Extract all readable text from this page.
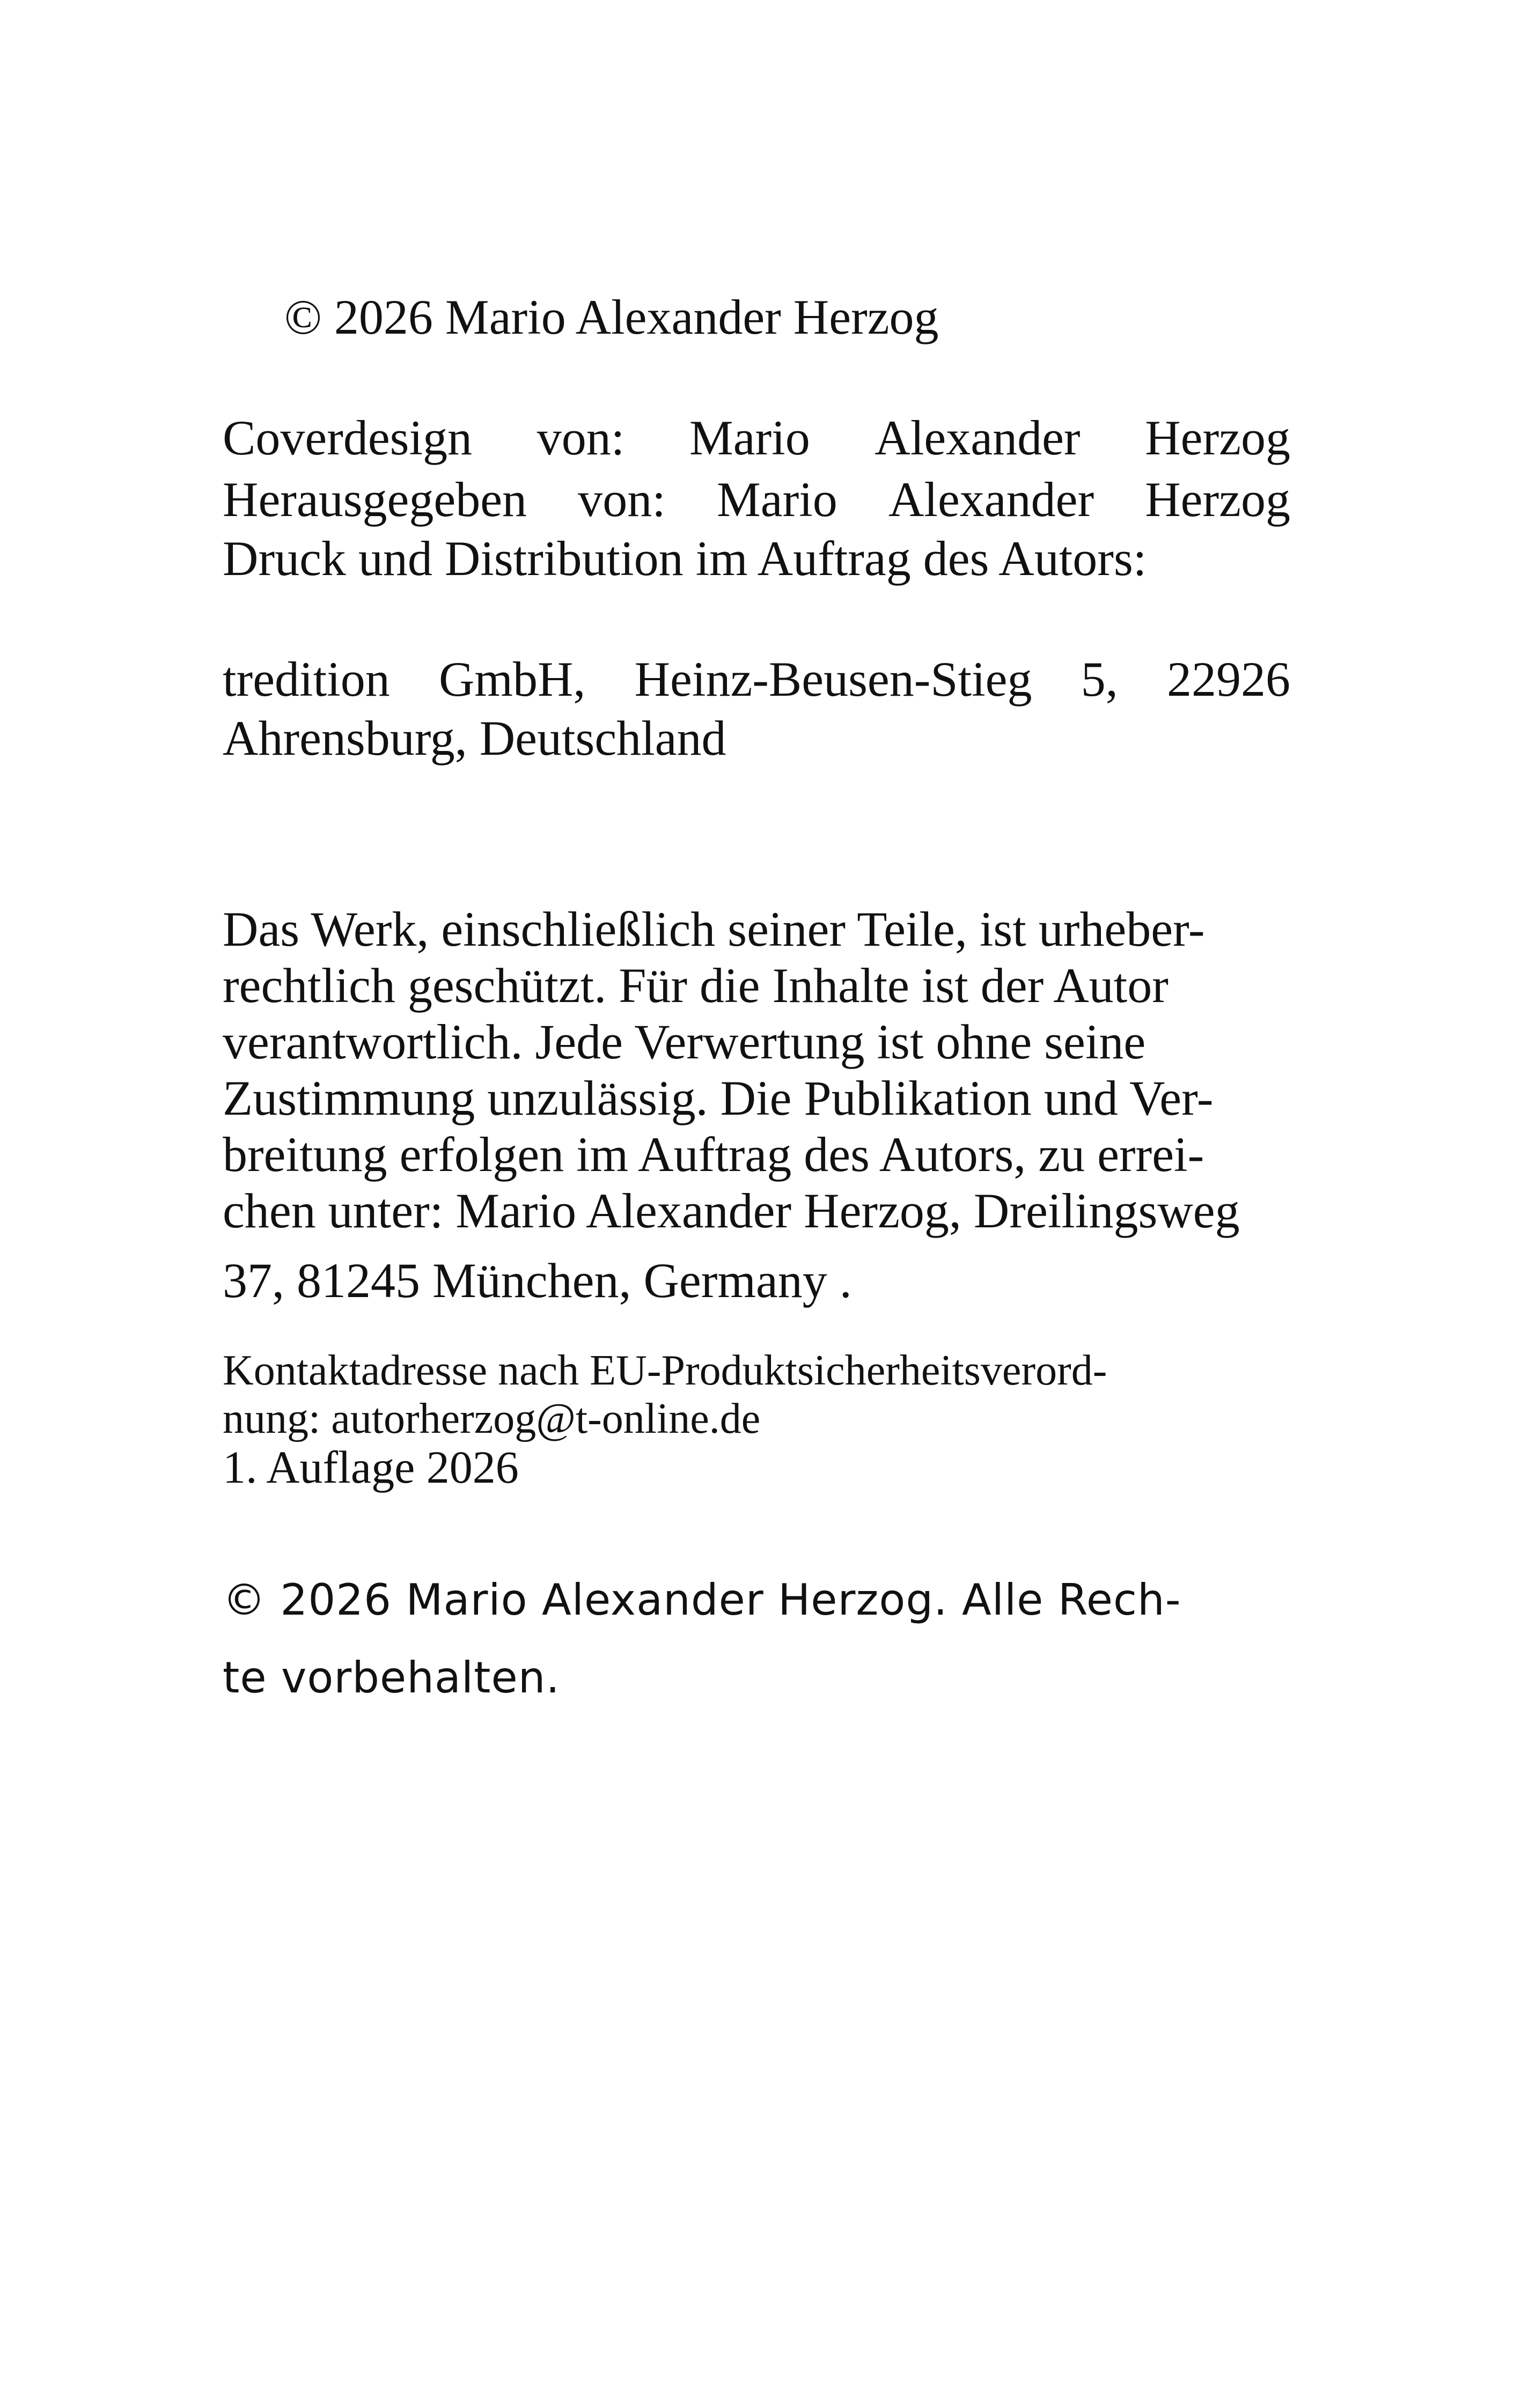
© 2026 Mario Alexander Herzog
Coverdesign von: Mario Alexander Herzog
Herausgegeben von: Mario Alexander Herzog
Druck und Distribution im Auftrag des Autors:
tredition GmbH, Heinz-Beusen-Stieg 5, 22926
Ahrensburg, Deutschland
Das Werk, einschließlich seiner Teile, ist urheber-
rechtlich geschützt. Für die Inhalte ist der Autor
verantwortlich. Jede Verwertung ist ohne seine
Zustimmung unzulässig. Die Publikation und Ver-
breitung erfolgen im Auftrag des Autors, zu errei-
chen unter: Mario Alexander Herzog, Dreilingsweg
37, 81245 München, Germany .
Kontaktadresse nach EU-Produktsicherheitsverord-
nung: autorherzog@t-online.de
1. Auflage 2026
© 2026 Mario Alexander Herzog. Alle Rech-
te vorbehalten.
